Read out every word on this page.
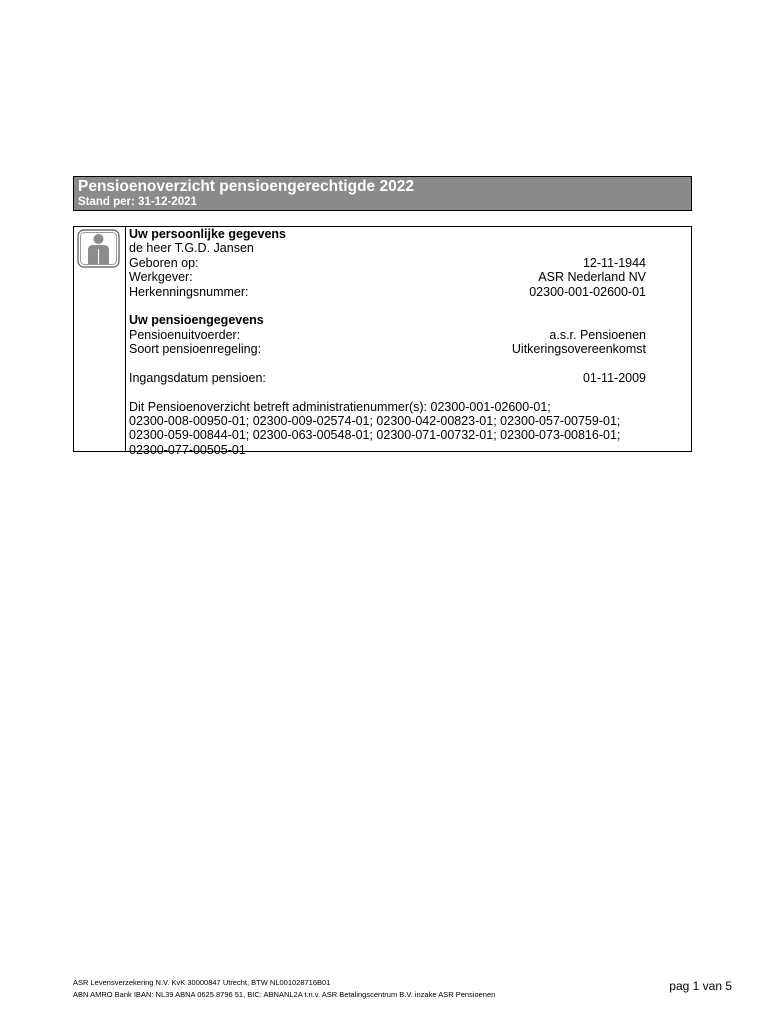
Pensioenoverzicht pensioengerechtigde 2022
Stand per: 31-12-2021
Uw persoonlijke gegevens
de heer T.G.D. Jansen
Geboren op:	12-11-1944
Werkgever:	ASR Nederland NV
Herkenningsnummer:	02300-001-02600-01
Uw pensioengegevens
Pensioenuitvoerder:	a.s.r. Pensioenen
Soort pensioenregeling:	Uitkeringsovereenkomst
Ingangsdatum pensioen:	01-11-2009
Dit Pensioenoverzicht betreft administratienummer(s): 02300-001-02600-01;
02300-008-00950-01; 02300-009-02574-01; 02300-042-00823-01; 02300-057-00759-01;
02300-059-00844-01; 02300-063-00548-01; 02300-071-00732-01; 02300-073-00816-01;
02300-077-00505-01
ASR Levensverzekering N.V. KvK 30000847 Utrecht, BTW NL001028716B01
ABN AMRO Bank IBAN: NL39 ABNA 0625 8796 51, BIC: ABNANL2A t.n.v. ASR Betalingscentrum B.V. inzake ASR Pensioenen
pag 1 van 5
